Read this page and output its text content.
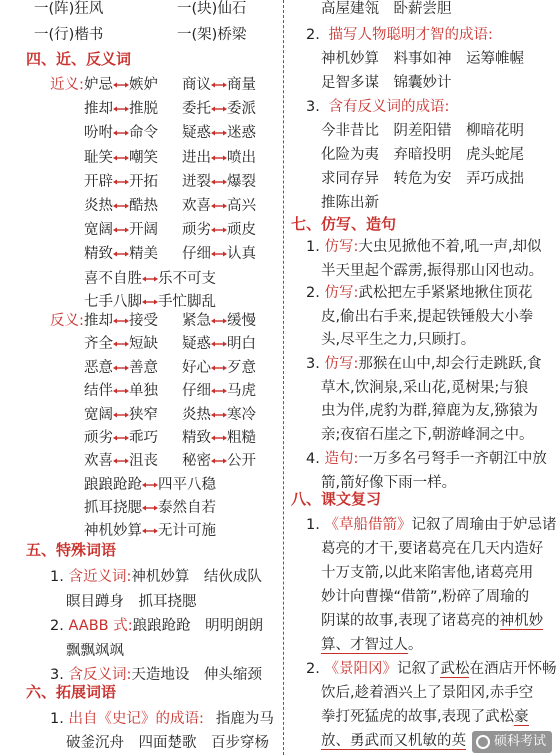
一(阵)狂风	一(块)仙石
一(行)楷书	一(架)桥梁
四、近、反义词
近义: 妒忌 嫉妒 商议 商量
推却 推脱 委托 委派
吩咐 命令 疑惑 迷惑
耻笑 嘲笑 进出 喷出
开辟 开拓 迸裂 爆裂
炎热 酷热 欢喜 高兴
宽阔 开阔 顽劣 顽皮
精致 精美 仔细 认真
喜不自胜 乐不可支
七手八脚 手忙脚乱
反义: 推却 接受 紧急 缓慢
齐全 短缺 疑惑 明白
恶意 善意 好心 歹意
结伴 单独 仔细 马虎
宽阔 狭窄 炎热 寒冷
顽劣 乖巧 精致 粗糙
欢喜 沮丧 秘密 公开
踉踉跄跄 四平八稳
抓耳挠腮 泰然自若
神机妙算 无计可施
五、特殊词语
1. 含近义词:神机妙算　结伙成队
瞑目蹲身　抓耳挠腮
2. AABB 式:踉踉跄跄　明明朗朗
飘飘飒飒
3. 含反义词:天造地设　伸头缩颈
六、拓展词语
1. 出自《史记》的成语: 指鹿为马
破釜沉舟　四面楚歌　百步穿杨
高屋建瓴　卧薪尝胆
2. 描写人物聪明才智的成语:
神机妙算　料事如神　运筹帷幄
足智多谋　锦囊妙计
3. 含有反义词的成语:
今非昔比　阴差阳错　柳暗花明
化险为夷　弃暗投明　虎头蛇尾
求同存异　转危为安　弄巧成拙
推陈出新
七、仿写、造句
1. 仿写:大虫见掀他不着,吼一声,却似
半天里起个霹雳,振得那山冈也动。
2. 仿写:武松把左手紧紧地揪住顶花
皮,偷出右手来,提起铁锤般大小拳
头,尽平生之力,只顾打。
3. 仿写:那猴在山中,却会行走跳跃,食
草木,饮涧泉,采山花,觅树果;与狼
虫为伴,虎豹为群,獐鹿为友,猕猿为
亲;夜宿石崖之下,朝游峰洞之中。
4. 造句:一万多名弓弩手一齐朝江中放
箭,箭好像下雨一样。
八、课文复习
1. 《草船借箭》记叙了周瑜由于妒忌诸
葛亮的才干,要诸葛亮在几天内造好
十万支箭,以此来陷害他,诸葛亮用
妙计向曹操“借箭”,粉碎了周瑜的
阴谋的故事,表现了诸葛亮的神机妙
算、才智过人。
2. 《景阳冈》记叙了武松在酒店开怀畅
饮后,趁着酒兴上了景阳冈,赤手空
拳打死猛虎的故事,表现了武松豪
放、勇武而又机敏的英	硕科考试
